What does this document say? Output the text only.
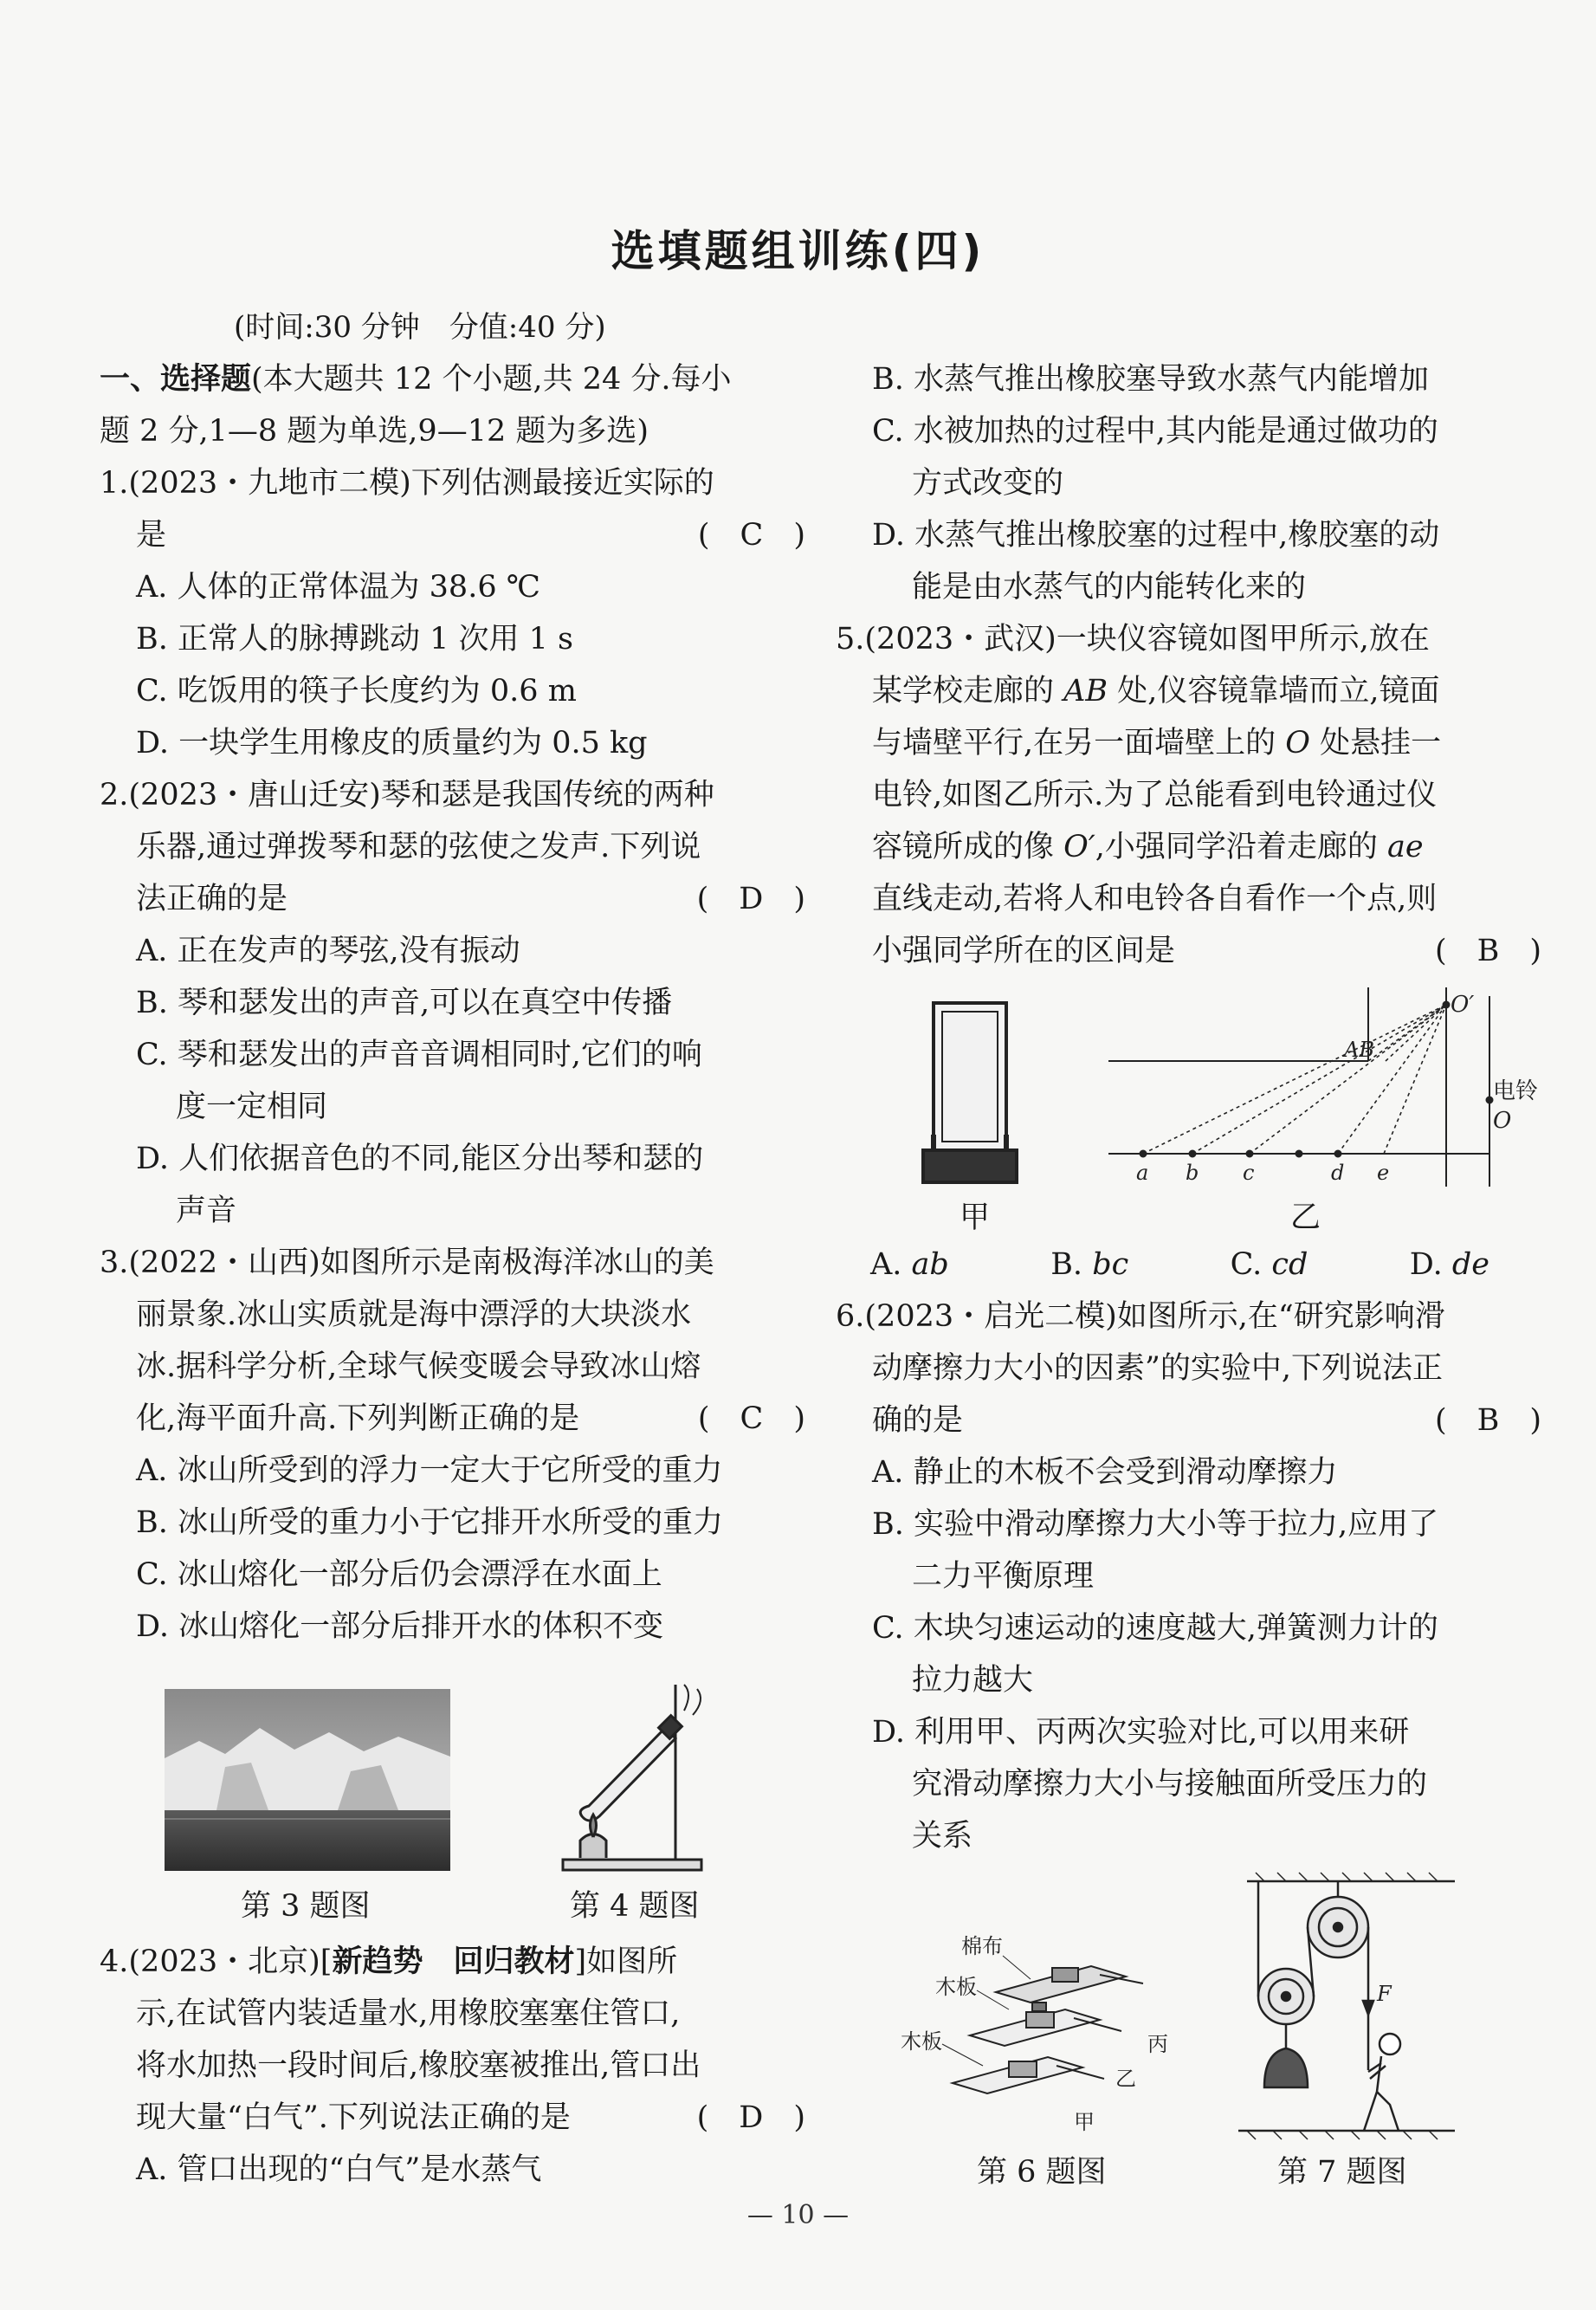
选填题组训练(四)
(时间:30 分钟　分值:40 分)
一、选择题(本大题共 12 个小题,共 24 分.每小
题 2 分,1—8 题为单选,9—12 题为多选)
1.(2023・九地市二模)下列估测最接近实际的
是	(　C　)
A. 人体的正常体温为 38.6 ℃
B. 正常人的脉搏跳动 1 次用 1 s
C. 吃饭用的筷子长度约为 0.6 m
D. 一块学生用橡皮的质量约为 0.5 kg
2.(2023・唐山迁安)琴和瑟是我国传统的两种
乐器,通过弹拨琴和瑟的弦使之发声.下列说
法正确的是	(　D　)
A. 正在发声的琴弦,没有振动
B. 琴和瑟发出的声音,可以在真空中传播
C. 琴和瑟发出的声音音调相同时,它们的响
度一定相同
D. 人们依据音色的不同,能区分出琴和瑟的
声音
3.(2022・山西)如图所示是南极海洋冰山的美
丽景象.冰山实质就是海中漂浮的大块淡水
冰.据科学分析,全球气候变暖会导致冰山熔
化,海平面升高.下列判断正确的是	(　C　)
A. 冰山所受到的浮力一定大于它所受的重力
B. 冰山所受的重力小于它排开水所受的重力
C. 冰山熔化一部分后仍会漂浮在水面上
D. 冰山熔化一部分后排开水的体积不变
第 3 题图	第 4 题图
4.(2023・北京)[新趋势　回归教材]如图所
示,在试管内装适量水,用橡胶塞塞住管口,
将水加热一段时间后,橡胶塞被推出,管口出
现大量“白气”.下列说法正确的是	(　D　)
A. 管口出现的“白气”是水蒸气
B. 水蒸气推出橡胶塞导致水蒸气内能增加
C. 水被加热的过程中,其内能是通过做功的
方式改变的
D. 水蒸气推出橡胶塞的过程中,橡胶塞的动
能是由水蒸气的内能转化来的
5.(2023・武汉)一块仪容镜如图甲所示,放在
某学校走廊的 AB 处,仪容镜靠墙而立,镜面
与墙壁平行,在另一面墙壁上的 O 处悬挂一
电铃,如图乙所示.为了总能看到电铃通过仪
容镜所成的像 O′,小强同学沿着走廊的 ae
直线走动,若将人和电铃各自看作一个点,则
小强同学所在的区间是	(　B　)
甲
O′
AB
电铃
O
a b c	d e
乙
A. ab	B. bc	C. cd	D. de
6.(2023・启光二模)如图所示,在“研究影响滑
动摩擦力大小的因素”的实验中,下列说法正
确的是	(　B　)
A. 静止的木板不会受到滑动摩擦力
B. 实验中滑动摩擦力大小等于拉力,应用了
二力平衡原理
C. 木块匀速运动的速度越大,弹簧测力计的
拉力越大
D. 利用甲、丙两次实验对比,可以用来研
究滑动摩擦力大小与接触面所受压力的
关系
棉布
木板
木板	丙
乙
甲
第 6 题图
F
第 7 题图
— 10 —
